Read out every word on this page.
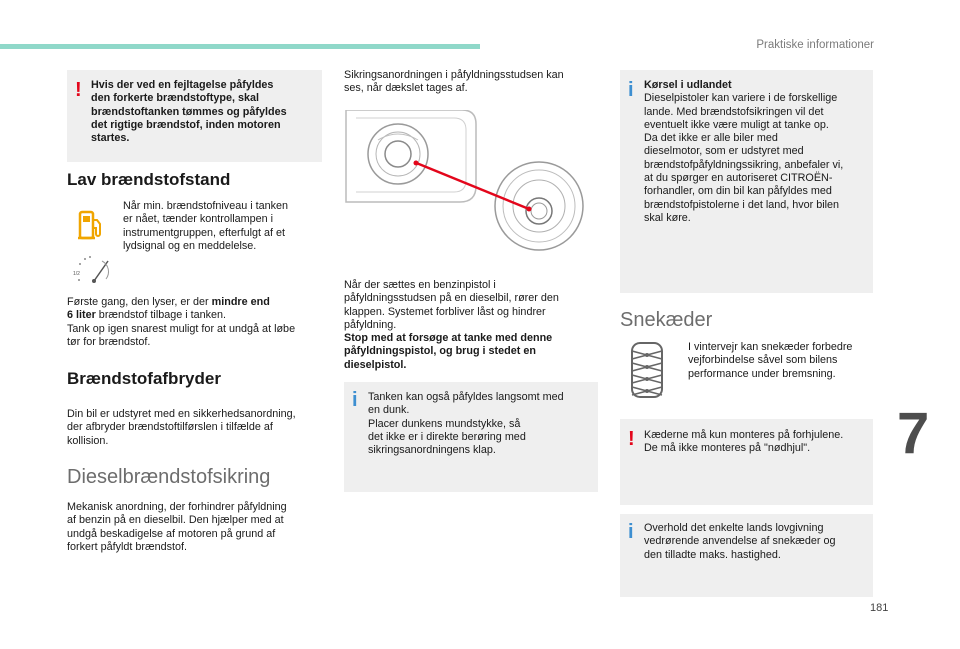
Praktiske informationer
7
181
! Hvis der ved en fejltagelse påfyldes
den forkerte brændstoftype, skal
brændstoftanken tømmes og påfyldes
det rigtige brændstof, inden motoren
startes.
Lav brændstofstand
Når min. brændstofniveau i tanken
er nået, tænder kontrollampen i
instrumentgruppen, efterfulgt af et
lydsignal og en meddelelse.
1/2
Første gang, den lyser, er der mindre end
6 liter brændstof tilbage i tanken.
Tank op igen snarest muligt for at undgå at løbe
tør for brændstof.
Brændstofafbryder
Din bil er udstyret med en sikkerhedsanordning,
der afbryder brændstoftilførslen i tilfælde af
kollision.
Dieselbrændstofsikring
Mekanisk anordning, der forhindrer påfyldning
af benzin på en dieselbil. Den hjælper med at
undgå beskadigelse af motoren på grund af
forkert påfyldt brændstof.
Sikringsanordningen i påfyldningsstudsen kan
ses, når dækslet tages af.
Når der sættes en benzinpistol i
påfyldningsstudsen på en dieselbil, rører den
klappen. Systemet forbliver låst og hindrer
påfyldning.
Stop med at forsøge at tanke med denne
påfyldningspistol, og brug i stedet en
dieselpistol.
i Tanken kan også påfyldes langsomt med
en dunk.
Placer dunkens mundstykke, så
det ikke er i direkte berøring med
sikringsanordningens klap.
i Kørsel i udlandet
Dieselpistoler kan variere i de forskellige
lande. Med brændstofsikringen vil det
eventuelt ikke være muligt at tanke op.
Da det ikke er alle biler med
dieselmotor, som er udstyret med
brændstofpåfyldningssikring, anbefaler vi,
at du spørger en autoriseret CITROËN-
forhandler, om din bil kan påfyldes med
brændstofpistolerne i det land, hvor bilen
skal køre.
Snekæder
I vintervejr kan snekæder forbedre
vejforbindelse såvel som bilens
performance under bremsning.
! Kæderne må kun monteres på forhjulene.
De må ikke monteres på "nødhjul".
i Overhold det enkelte lands lovgivning
vedrørende anvendelse af snekæder og
den tilladte maks. hastighed.
